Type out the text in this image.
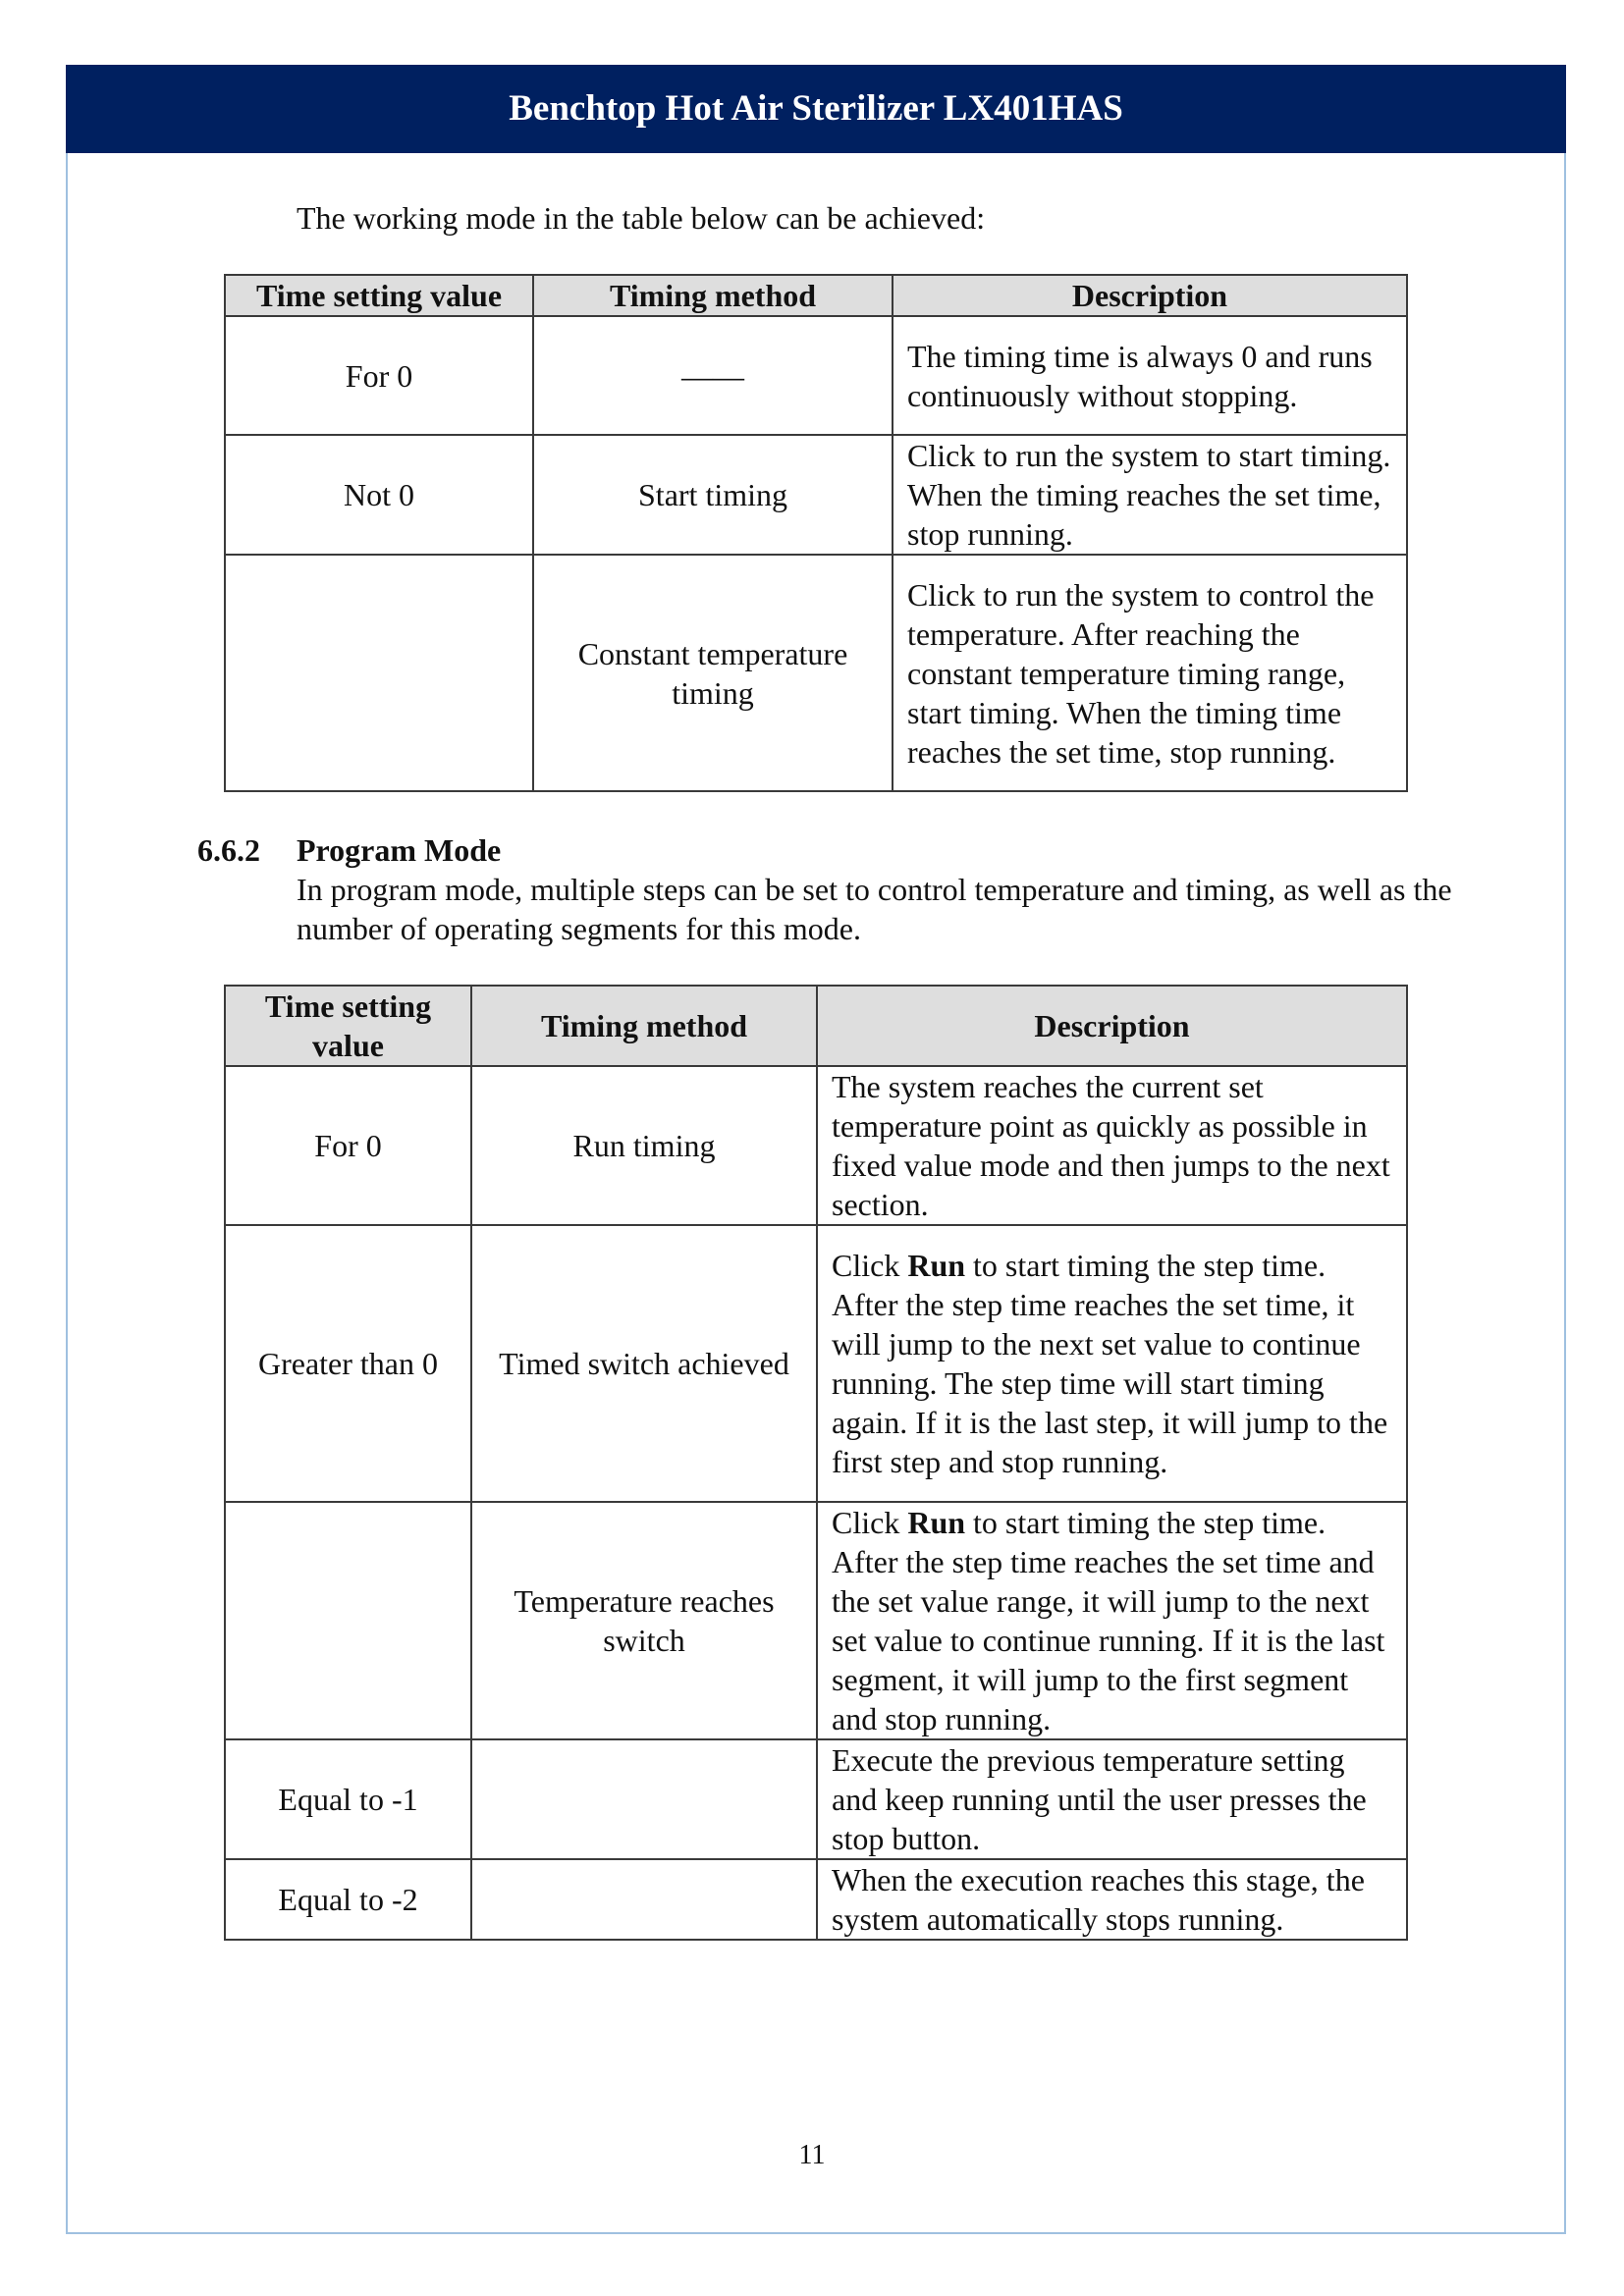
Benchtop Hot Air Sterilizer LX401HAS
The working mode in the table below can be achieved:
Time setting value	Timing method	Description
For 0	——	The timing time is always 0 and runs continuously without stopping.
Not 0	Start timing	Click to run the system to start timing. When the timing reaches the set time, stop running.
	Constant temperature timing	Click to run the system to control the temperature. After reaching the constant temperature timing range, start timing. When the timing time reaches the set time, stop running.
6.6.2 Program Mode
In program mode, multiple steps can be set to control temperature and timing, as well as the number of operating segments for this mode.
Time setting value	Timing method	Description
For 0	Run timing	The system reaches the current set temperature point as quickly as possible in fixed value mode and then jumps to the next section.
Greater than 0	Timed switch achieved	Click Run to start timing the step time. After the step time reaches the set time, it will jump to the next set value to continue running. The step time will start timing again. If it is the last step, it will jump to the first step and stop running.
	Temperature reaches switch	Click Run to start timing the step time. After the step time reaches the set time and the set value range, it will jump to the next set value to continue running. If it is the last segment, it will jump to the first segment and stop running.
Equal to -1		Execute the previous temperature setting and keep running until the user presses the stop button.
Equal to -2		When the execution reaches this stage, the system automatically stops running.
11
